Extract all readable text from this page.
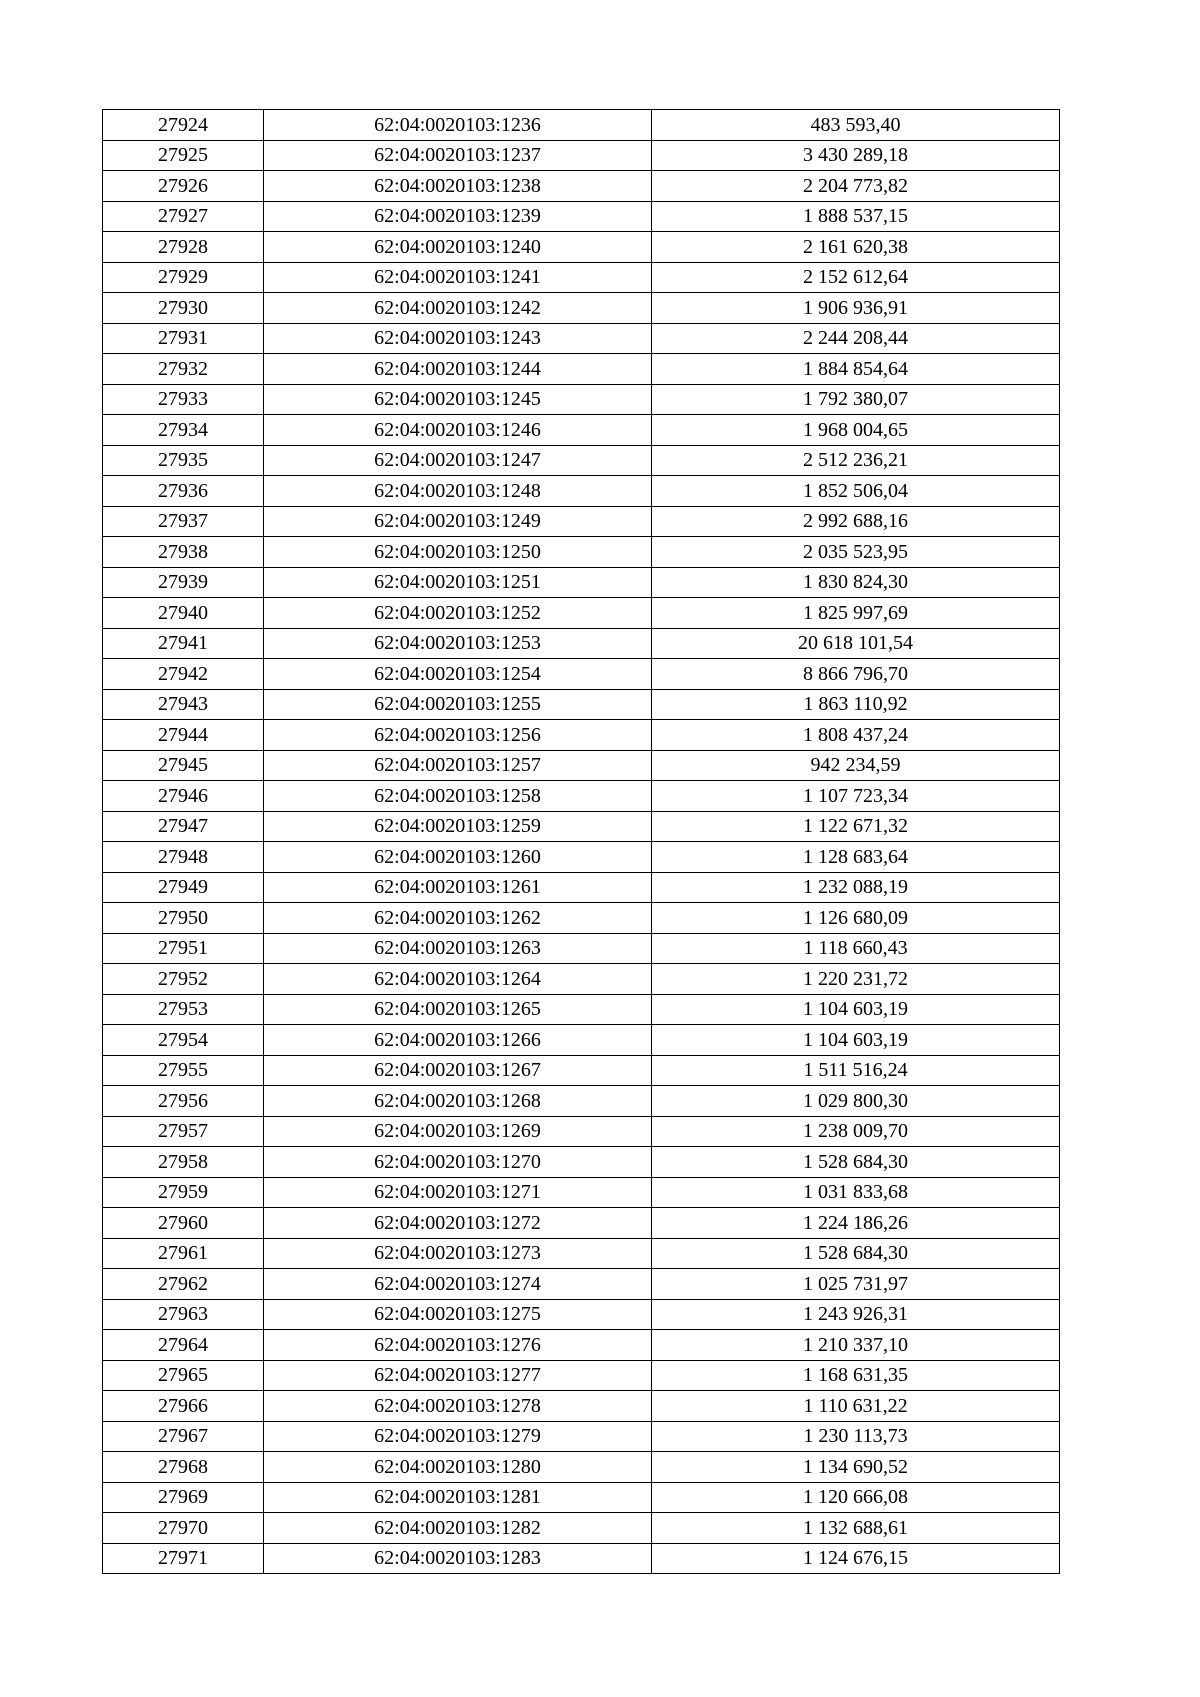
27924	62:04:0020103:1236	483 593,40
27925	62:04:0020103:1237	3 430 289,18
27926	62:04:0020103:1238	2 204 773,82
27927	62:04:0020103:1239	1 888 537,15
27928	62:04:0020103:1240	2 161 620,38
27929	62:04:0020103:1241	2 152 612,64
27930	62:04:0020103:1242	1 906 936,91
27931	62:04:0020103:1243	2 244 208,44
27932	62:04:0020103:1244	1 884 854,64
27933	62:04:0020103:1245	1 792 380,07
27934	62:04:0020103:1246	1 968 004,65
27935	62:04:0020103:1247	2 512 236,21
27936	62:04:0020103:1248	1 852 506,04
27937	62:04:0020103:1249	2 992 688,16
27938	62:04:0020103:1250	2 035 523,95
27939	62:04:0020103:1251	1 830 824,30
27940	62:04:0020103:1252	1 825 997,69
27941	62:04:0020103:1253	20 618 101,54
27942	62:04:0020103:1254	8 866 796,70
27943	62:04:0020103:1255	1 863 110,92
27944	62:04:0020103:1256	1 808 437,24
27945	62:04:0020103:1257	942 234,59
27946	62:04:0020103:1258	1 107 723,34
27947	62:04:0020103:1259	1 122 671,32
27948	62:04:0020103:1260	1 128 683,64
27949	62:04:0020103:1261	1 232 088,19
27950	62:04:0020103:1262	1 126 680,09
27951	62:04:0020103:1263	1 118 660,43
27952	62:04:0020103:1264	1 220 231,72
27953	62:04:0020103:1265	1 104 603,19
27954	62:04:0020103:1266	1 104 603,19
27955	62:04:0020103:1267	1 511 516,24
27956	62:04:0020103:1268	1 029 800,30
27957	62:04:0020103:1269	1 238 009,70
27958	62:04:0020103:1270	1 528 684,30
27959	62:04:0020103:1271	1 031 833,68
27960	62:04:0020103:1272	1 224 186,26
27961	62:04:0020103:1273	1 528 684,30
27962	62:04:0020103:1274	1 025 731,97
27963	62:04:0020103:1275	1 243 926,31
27964	62:04:0020103:1276	1 210 337,10
27965	62:04:0020103:1277	1 168 631,35
27966	62:04:0020103:1278	1 110 631,22
27967	62:04:0020103:1279	1 230 113,73
27968	62:04:0020103:1280	1 134 690,52
27969	62:04:0020103:1281	1 120 666,08
27970	62:04:0020103:1282	1 132 688,61
27971	62:04:0020103:1283	1 124 676,15
